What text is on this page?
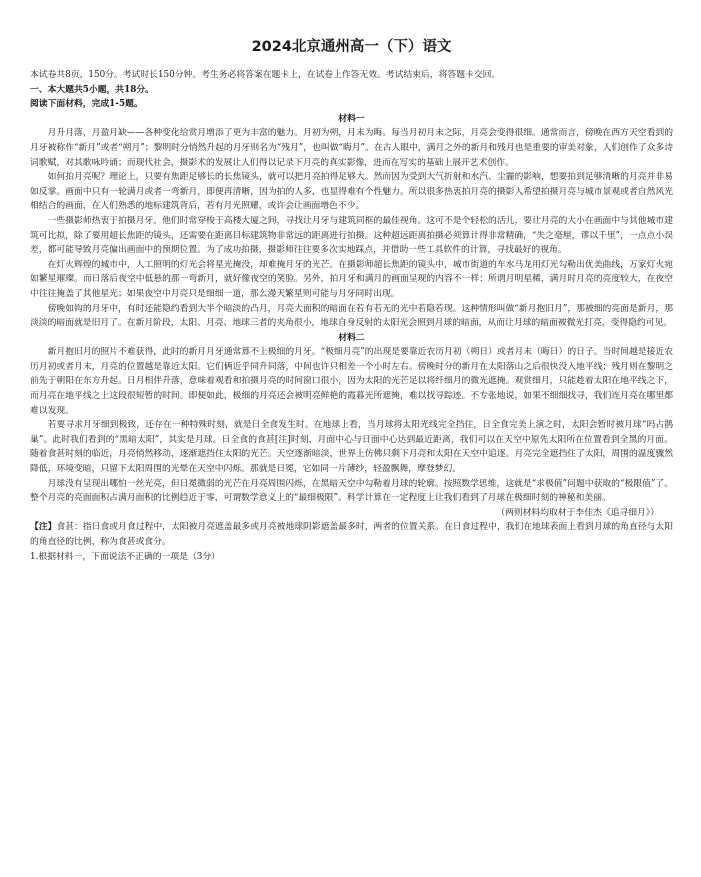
2024北京通州高一（下）语文

本试卷共8页，150分。考试时长150分钟。考生务必将答案在题卡上，在试卷上作答无效。考试结束后，将答题卡交回。

一、本大题共5小题，共18分。

阅读下面材料，完成1-5题。

材料一

月升月落，月盈月缺——各种变化给赏月增添了更为丰富的魅力。月初为朔，月末为晦。每当月初月末之际，月亮会变得很细。通常而言，傍晚在西方天空看到的月牙被称作“新月”或者“朔月”；黎明时分悄然升起的月牙则名为“残月”，也叫做“晦月”。在古人眼中，满月之外的新月和残月也是重要的审美对象，人们创作了众多诗词歌赋，对其歌咏吟诵；而现代社会，摄影术的发展让人们得以记录下月亮的真实影像，进而在写实的基础上展开艺术创作。

如何拍月亮呢？理论上，只要有焦距足够长的长焦镜头，就可以把月亮拍得足够大。然而因为受到大气折射和水汽、尘霾的影响，想要拍到足够清晰的月亮并非易如反掌。画面中只有一轮满月或者一弯新月，即便再清晰，因为拍的人多，也显得难有个性魅力。所以很多热衷拍月亮的摄影人希望拍摄月亮与城市景观或者自然风光相结合的画面，在人们熟悉的地标建筑背后，若有月光照耀，或许会让画面增色不少。

一些摄影师热衷于拍摄月牙。他们时常穿梭于高楼大厦之间，寻找让月牙与建筑同框的最佳视角。这可不是个轻松的活儿，要让月亮的大小在画面中与其他城市建筑可比拟，除了要用超长焦距的镜头，还需要在距离目标建筑物非常远的距离进行拍摄。这种超远距离拍摄必须算计得非常精确，“失之毫厘，谬以千里”，一点点小误差，都可能导致月亮偏出画面中的预期位置。为了成功拍摄，摄影师往往要多次实地踩点，并借助一些工具软件的计算，寻找最好的视角。

在灯火辉煌的城市中，人工照明的灯光会将星光掩没，却难掩月牙的光芒。在摄影师超长焦距的镜头中，城市街道的车水马龙用灯光勾勒出优美曲线，万家灯火宛如繁星璀璨。而日落后夜空中低悬的那一弯新月，就好像夜空的笑脸。另外，拍月牙和满月的画面呈现的内容不一样：所谓月明星稀，满月时月亮的亮度较大，在夜空中往往掩盖了其他星光；如果夜空中月亮只是细细一道，那么漫天繁星则可能与月牙同时出现。

傍晚如钩的月牙中，有时还能隐约看到大半个暗淡的凸月，月亮大面积的暗面在若有若无的光中若隐若现。这种情形叫做“新月抱旧月”，那被细的亮面是新月，那淡淡的暗面就是旧月了。在新月阶段，太阳、月亮、地球三者的夹角很小，地球自身反射的太阳光会照到月球的暗面，从而让月球的暗面被微光打亮，变得隐约可见。

材料二

新月抱旧月的照片不难获得，此时的新月月牙通常算不上极细的月牙。“极细月亮”的出现是要靠近农历月初（朔日）或者月末（晦日）的日子。当时间越是接近农历月初或者月末，月亮的位置越是靠近太阳。它们俩近乎同升同落，中间也许只相差一个小时左右。傍晚时分的新月在太阳落山之后很快没入地平线；残月则在黎明之前先于朝阳在东方升起。日月相伴升落，意味着观看和拍摄月亮的时间窗口很小，因为太阳的光芒足以将纤细月的微光遮掩。观赏细月，只能趁着太阳在地平线之下，而月亮在地平线之上这段很短暂的时间。即便如此，极细的月亮还会被明亮鲜艳的霞暮光所遮掩，难以找寻踪迹。不专张地说，如果不细细找寻，我们连月亮在哪里都难以发现。

若要寻求月牙细到极致，还存在一种特殊时刻，就是日全食发生时。在地球上看，当月球将太阳光线完全挡住，日全食完美上演之时，太阳会暂时被月球“吗占鹊巢”。此时我们看到的“黑暗太阳”，其实是月球。日全食的食甚[注]时刻，月面中心与日面中心达到最近距离，我们可以在天空中原先太阳所在位置看到全黑的月面。随着食甚时刻的临近，月亮悄然移动，逐渐遮挡住太阳的光芒。天空逐渐暗淡，世界上仿佛只剩下月亮和太阳在天空中追逐。月亮完全遮挡住了太阳，周围的温度骤然降低，环境变暗，只留下太阳周围的光晕在天空中闪烁。那就是日冕，它如同一片薄纱，轻盈飘舞，摩登梦幻。

月球没有呈现出哪怕一丝光亮，但日冕微弱的光芒在月亮周围闪烁，在黑暗天空中勾勒着月球的轮廓。按照数学思维，这就是“求极值”问题中获取的“极限值”了。整个月亮的亮面面积占满月面积的比例趋近于零，可谓数学意义上的“最细极限”。科学计算在一定程度上让我们看到了月球在极细时刻的神秘和美丽。

（两则材料均取材于李佳杰《追寻细月》）

【注】食甚：指日食或月食过程中，太阳被月亮遮盖最多或月亮被地球阴影遮盖最多时，两者的位置关系。在日食过程中，我们在地球表面上看到月球的角直径与太阳的角直径的比例，称为食甚或食分。

1.根据材料一，下面说法不正确的一项是（3分）
